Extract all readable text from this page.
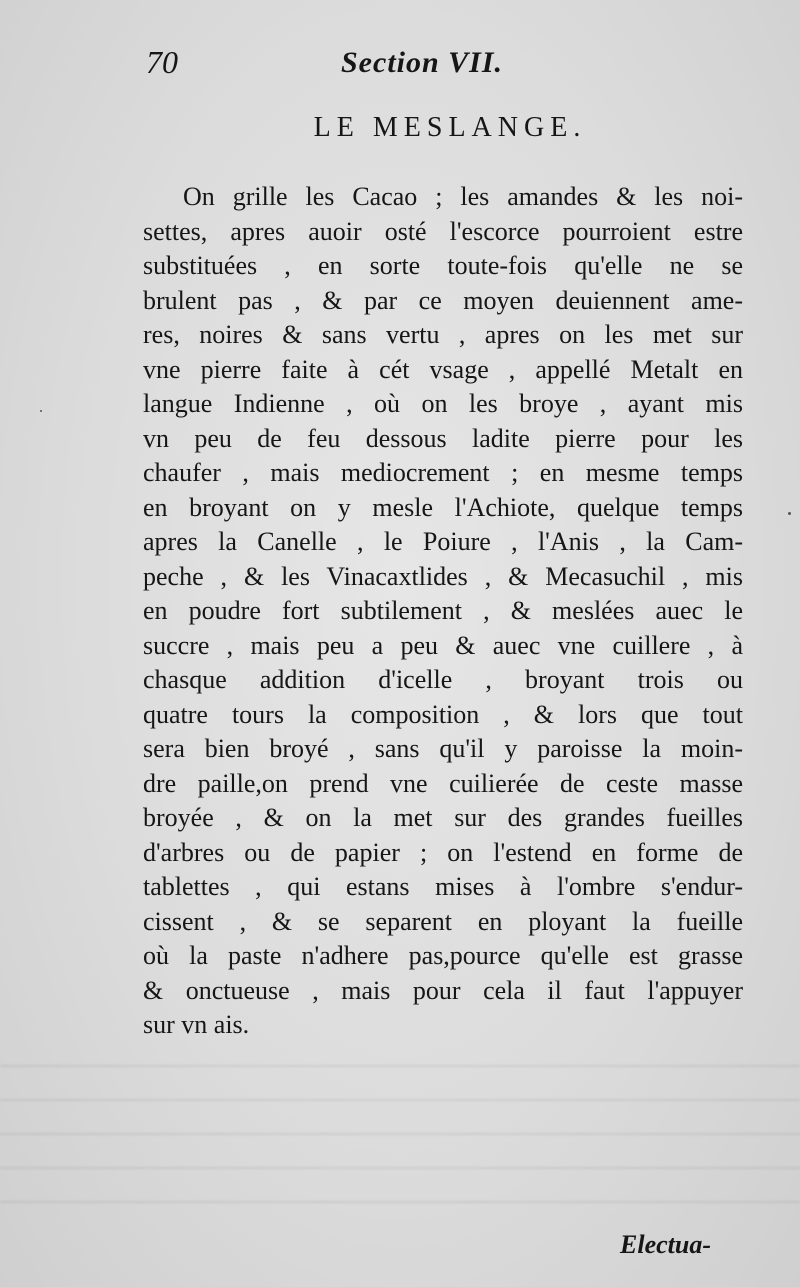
70	Section VII.
LE MESLANGE.
On grille les Cacao ; les amandes & les noi-
settes, apres auoir osté l'escorce pourroient estre
substituées , en sorte toute-fois qu'elle ne se
brulent pas , & par ce moyen deuiennent ame-
res, noires & sans vertu , apres on les met sur
vne pierre faite à cét vsage , appellé Metalt en
langue Indienne , où on les broye , ayant mis
vn peu de feu dessous ladite pierre pour les
chaufer , mais mediocrement ; en mesme temps
en broyant on y mesle l'Achiote, quelque temps
apres la Canelle , le Poiure , l'Anis , la Cam-
peche , & les Vinacaxtlides , & Mecasuchil , mis
en poudre fort subtilement , & meslées auec le
succre , mais peu a peu & auec vne cuillere , à
chasque addition d'icelle , broyant trois ou
quatre tours la composition , & lors que tout
sera bien broyé , sans qu'il y paroisse la moin-
dre paille,on prend vne cuilierée de ceste masse
broyée , & on la met sur des grandes fueilles
d'arbres ou de papier ; on l'estend en forme de
tablettes , qui estans mises à l'ombre s'endur-
cissent , & se separent en ployant la fueille
où la paste n'adhere pas,pource qu'elle est grasse
& onctueuse , mais pour cela il faut l'appuyer
sur vn ais.
Electua-
